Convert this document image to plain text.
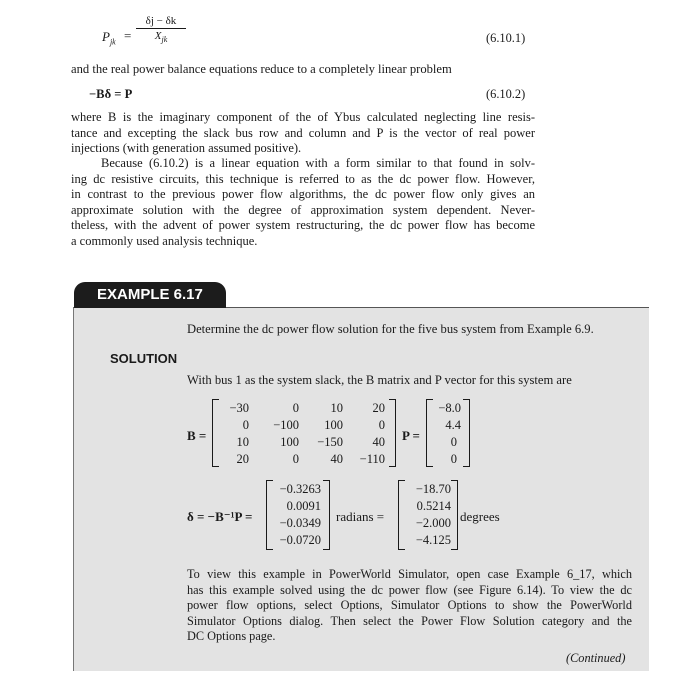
$P_{jk}$ =
δj − δk
$X_{jk}$	(6.10.1)
and the real power balance equations reduce to a completely linear problem
−Bδ = P	(6.10.2)
where B is the imaginary component of the of Ybus calculated neglecting line resis-
tance and excepting the slack bus row and column and P is the vector of real power
injections (with generation assumed positive).
Because (6.10.2) is a linear equation with a form similar to that found in solv-
ing dc resistive circuits, this technique is referred to as the dc power flow. However,
in contrast to the previous power flow algorithms, the dc power flow only gives an
approximate solution with the degree of approximation system dependent. Never-
theless, with the advent of power system restructuring, the dc power flow has become
a commonly used analysis technique.
EXAMPLE 6.17
Determine the dc power flow solution for the five bus system from Example 6.9.
SOLUTION
With bus 1 as the system slack, the B matrix and P vector for this system are
B =
−30	0	10 20
0 −100 100	0
10	100 −150 40
20	0	40 −110
P =
−8.0
4.4
0
0
δ = −B⁻¹P =
−0.3263
0.0091
−0.0349
−0.0720
radians =
−18.70
0.5214
−2.000
−4.125
degrees
To view this example in PowerWorld Simulator, open case Example 6_17, which
has this example solved using the dc power flow (see Figure 6.14). To view the dc
power flow options, select Options, Simulator Options to show the PowerWorld
Simulator Options dialog. Then select the Power Flow Solution category and the
DC Options page.
(Continued)
